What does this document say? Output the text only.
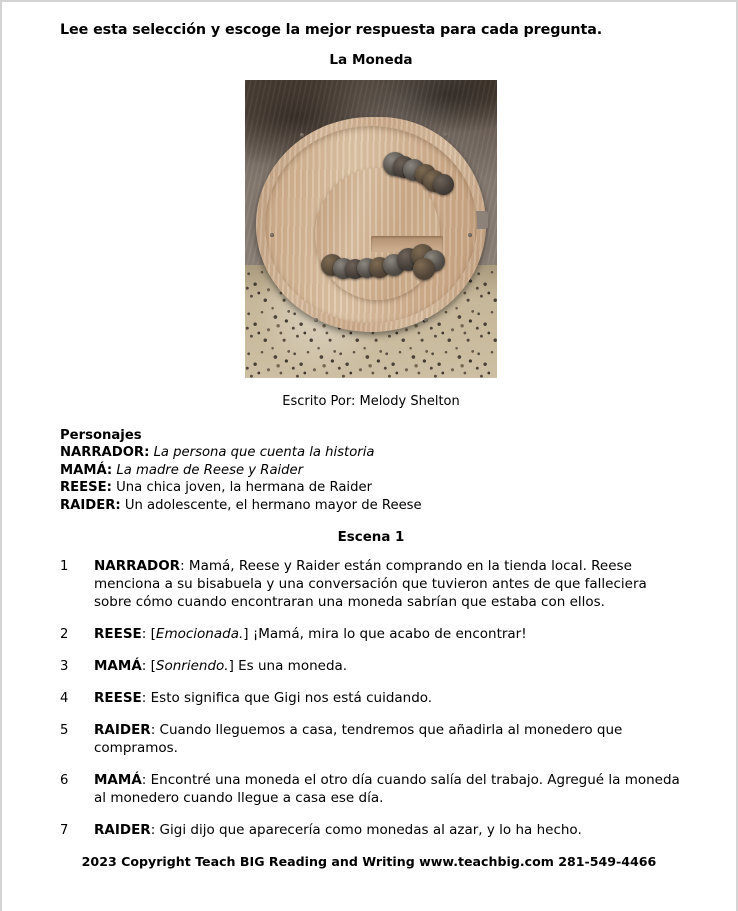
Lee esta selección y escoge la mejor respuesta para cada pregunta.
La Moneda
Escrito Por: Melody Shelton
Personajes
NARRADOR: La persona que cuenta la historia
MAMÁ: La madre de Reese y Raider
REESE: Una chica joven, la hermana de Raider
RAIDER: Un adolescente, el hermano mayor de Reese
Escena 1
1	NARRADOR: Mamá, Reese y Raider están comprando en la tienda local. Reese menciona a su bisabuela y una conversación que tuvieron antes de que falleciera sobre cómo cuando encontraran una moneda sabrían que estaba con ellos.
2	REESE: [Emocionada.] ¡Mamá, mira lo que acabo de encontrar!
3	MAMÁ: [Sonriendo.] Es una moneda.
4	REESE: Esto significa que Gigi nos está cuidando.
5	RAIDER: Cuando lleguemos a casa, tendremos que añadirla al monedero que compramos.
6	MAMÁ: Encontré una moneda el otro día cuando salía del trabajo. Agregué la moneda al monedero cuando llegue a casa ese día.
7	RAIDER: Gigi dijo que aparecería como monedas al azar, y lo ha hecho.
2023 Copyright Teach BIG Reading and Writing www.teachbig.com 281-549-4466
